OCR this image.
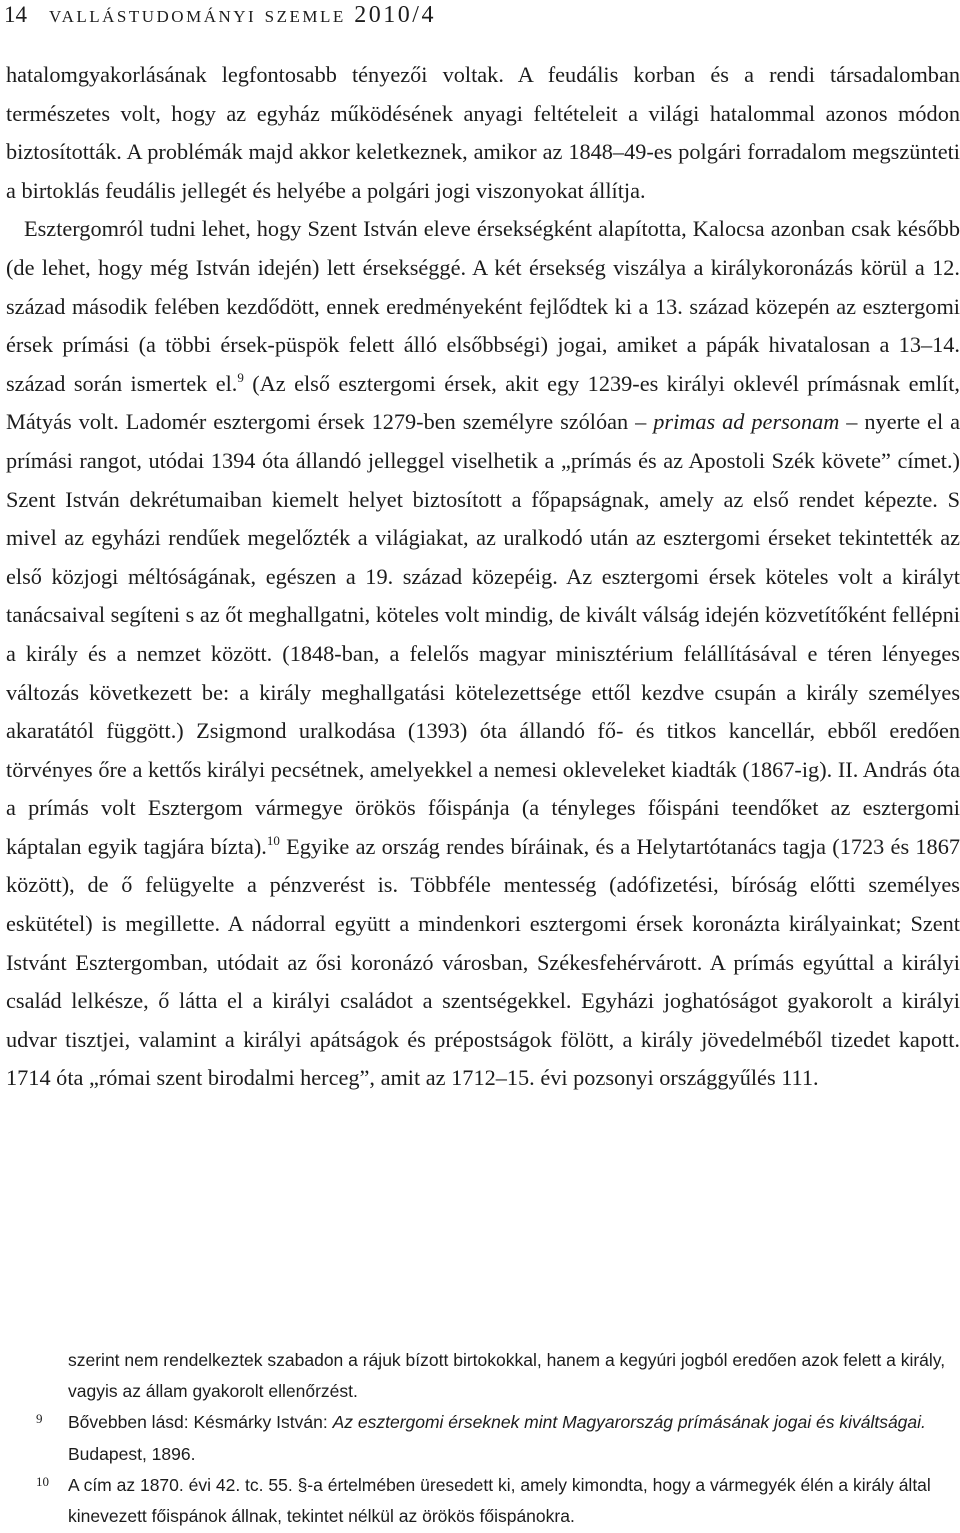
14 vallástudományi szemle 2010/4

hatalomgyakorlásának legfontosabb tényezői voltak. A feudális korban és a rendi társadalomban természetes volt, hogy az egyház működésének anyagi feltételeit a világi hatalommal azonos módon biztosították. A problémák majd akkor keletkeznek, amikor az 1848–49-es polgári forradalom megszünteti a birtoklás feudális jellegét és helyébe a polgári jogi viszonyokat állítja.

Esztergomról tudni lehet, hogy Szent István eleve érsekségként alapította, Kalocsa azonban csak később (de lehet, hogy még István idején) lett érsekséggé. A két érsekség viszálya a királykoronázás körül a 12. század második felében kezdődött, ennek eredményeként fejlődtek ki a 13. század közepén az esztergomi érsek prímási (a többi érsek-püspök felett álló elsőbbségi) jogai, amiket a pápák hivatalosan a 13–14. század során ismertek el.$^9$ (Az első esztergomi érsek, akit egy 1239-es királyi oklevél prímásnak említ, Mátyás volt. Ladomér esztergomi érsek 1279-ben személyre szólóan – primas ad personam – nyerte el a prímási rangot, utódai 1394 óta állandó jelleggel viselhetik a „prímás és az Apostoli Szék követe” címet.) Szent István dekrétumaiban kiemelt helyet biztosított a főpapságnak, amely az első rendet képezte. S mivel az egyházi rendűek megelőzték a világiakat, az uralkodó után az esztergomi érseket tekintették az első közjogi méltóságának, egészen a 19. század közepéig. Az esztergomi érsek köteles volt a királyt tanácsaival segíteni s az őt meghallgatni, köteles volt mindig, de kivált válság idején közvetítőként fellépni a király és a nemzet között. (1848-ban, a felelős magyar minisztérium felállításával e téren lényeges változás következett be: a király meghallgatási kötelezettsége ettől kezdve csupán a király személyes akaratától függött.) Zsigmond uralkodása (1393) óta állandó fő- és titkos kancellár, ebből eredően törvényes őre a kettős királyi pecsétnek, amelyekkel a nemesi okleveleket kiadták (1867-ig). II. András óta a prímás volt Esztergom vármegye örökös főispánja (a tényleges főispáni teendőket az esztergomi káptalan egyik tagjára bízta).$^{10}$ Egyike az ország rendes bíráinak, és a Helytartótanács tagja (1723 és 1867 között), de ő felügyelte a pénzverést is. Többféle mentesség (adófizetési, bíróság előtti személyes eskütétel) is megillette. A nádorral együtt a mindenkori esztergomi érsek koronázta királyainkat; Szent Istvánt Esztergomban, utódait az ősi koronázó városban, Székesfehérvárott. A prímás egyúttal a királyi család lelkésze, ő látta el a királyi családot a szentségekkel. Egyházi joghatóságot gyakorolt a királyi udvar tisztjei, valamint a királyi apátságok és prépostságok fölött, a király jövedelméből tizedet kapott. 1714 óta „római szent birodalmi herceg”, amit az 1712–15. évi pozsonyi országgyűlés 111.

szerint nem rendelkeztek szabadon a rájuk bízott birtokokkal, hanem a kegyúri jogból eredően azok felett a király, vagyis az állam gyakorolt ellenőrzést.
9 Bővebben lásd: Késmárky István: Az esztergomi érseknek mint Magyarország prímásának jogai és kiváltságai. Budapest, 1896.
10 A cím az 1870. évi 42. tc. 55. §-a értelmében üresedett ki, amely kimondta, hogy a vármegyék élén a király által kinevezett főispánok állnak, tekintet nélkül az örökös főispánokra.
